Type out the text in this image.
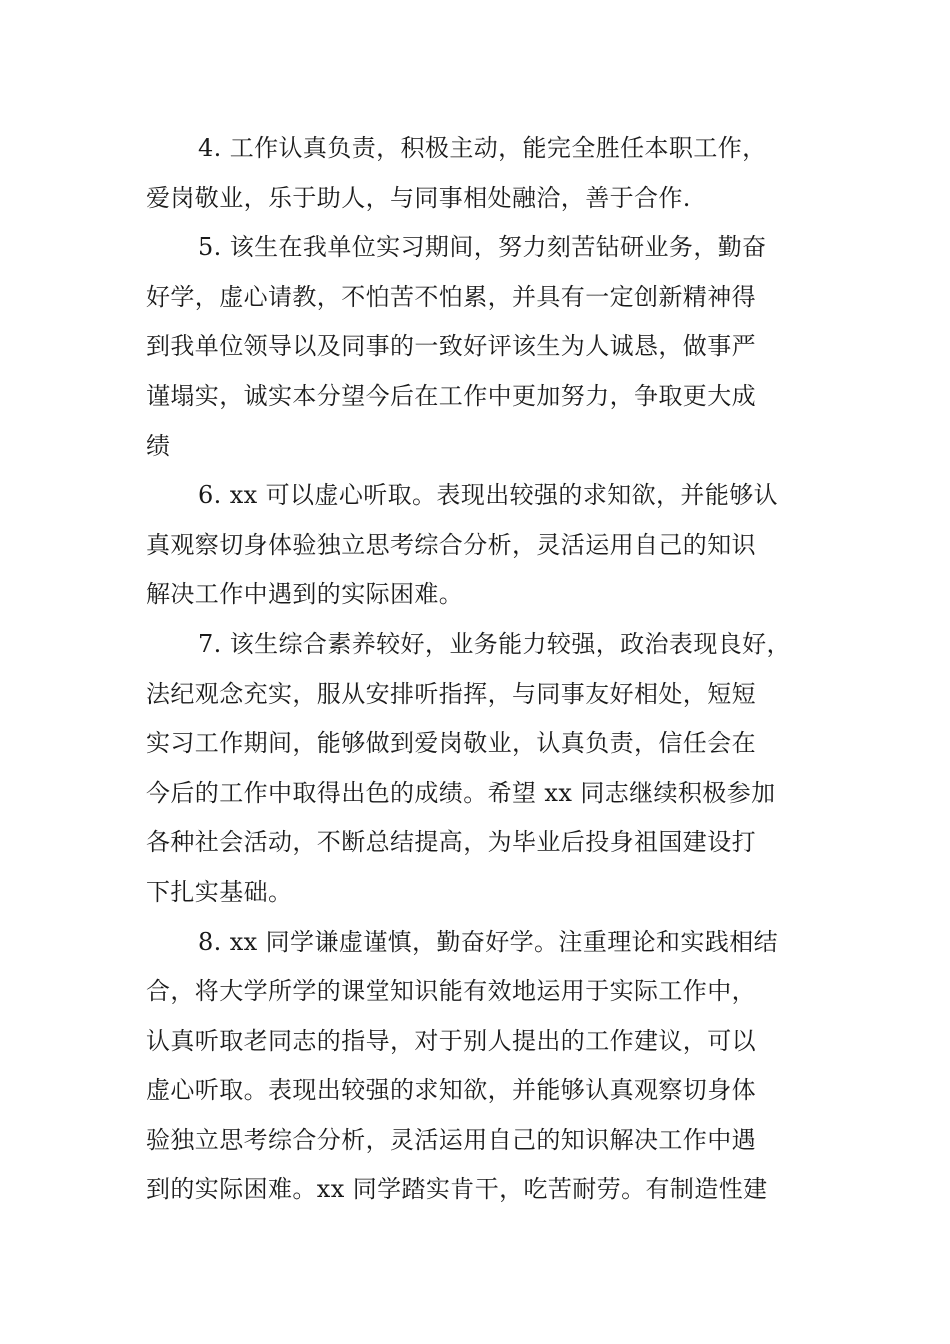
4. 工作认真负责，积极主动，能完全胜任本职工作，
爱岗敬业，乐于助人，与同事相处融洽，善于合作.
5. 该生在我单位实习期间，努力刻苦钻研业务，勤奋
好学，虚心请教，不怕苦不怕累，并具有一定创新精神得
到我单位领导以及同事的一致好评该生为人诚恳，做事严
谨塌实，诚实本分望今后在工作中更加努力，争取更大成
绩
6. xx 可以虚心听取。表现出较强的求知欲，并能够认
真观察切身体验独立思考综合分析，灵活运用自己的知识
解决工作中遇到的实际困难。
7. 该生综合素养较好，业务能力较强，政治表现良好，
法纪观念充实，服从安排听指挥，与同事友好相处，短短
实习工作期间，能够做到爱岗敬业，认真负责，信任会在
今后的工作中取得出色的成绩。希望 xx 同志继续积极参加
各种社会活动，不断总结提高，为毕业后投身祖国建设打
下扎实基础。
8. xx 同学谦虚谨慎，勤奋好学。注重理论和实践相结
合，将大学所学的课堂知识能有效地运用于实际工作中，
认真听取老同志的指导，对于别人提出的工作建议，可以
虚心听取。表现出较强的求知欲，并能够认真观察切身体
验独立思考综合分析，灵活运用自己的知识解决工作中遇
到的实际困难。xx 同学踏实肯干，吃苦耐劳。有制造性建
